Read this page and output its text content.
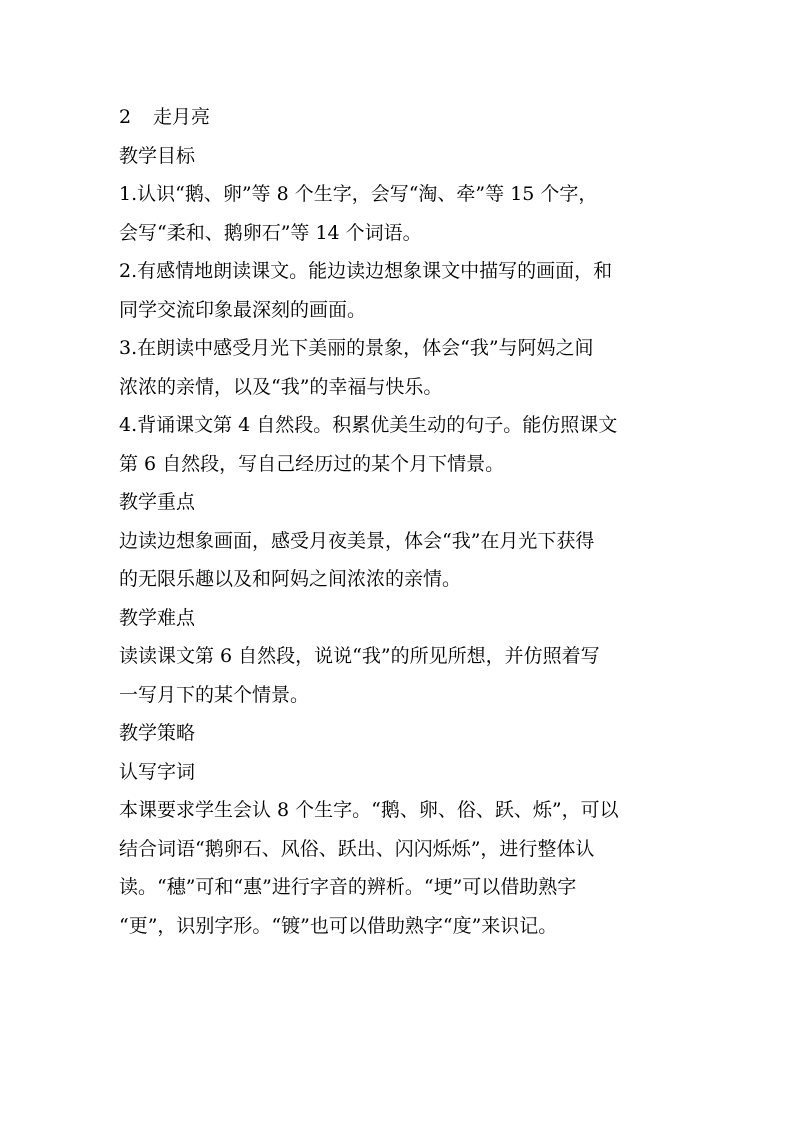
2 走月亮
教学目标
1.认识“鹅、卵”等 8 个生字，会写“淘、牵”等 15 个字，
会写“柔和、鹅卵石”等 14 个词语。
2.有感情地朗读课文。能边读边想象课文中描写的画面，和
同学交流印象最深刻的画面。
3.在朗读中感受月光下美丽的景象，体会“我”与阿妈之间
浓浓的亲情，以及“我”的幸福与快乐。
4.背诵课文第 4 自然段。积累优美生动的句子。能仿照课文
第 6 自然段，写自己经历过的某个月下情景。
教学重点
边读边想象画面，感受月夜美景，体会“我”在月光下获得
的无限乐趣以及和阿妈之间浓浓的亲情。
教学难点
读读课文第 6 自然段，说说“我”的所见所想，并仿照着写
一写月下的某个情景。
教学策略
认写字词
本课要求学生会认 8 个生字。“鹅、卵、俗、跃、烁”，可以
结合词语“鹅卵石、风俗、跃出、闪闪烁烁”，进行整体认
读。“穗”可和“惠”进行字音的辨析。“埂”可以借助熟字
“更”，识别字形。“镀”也可以借助熟字“度”来识记。
